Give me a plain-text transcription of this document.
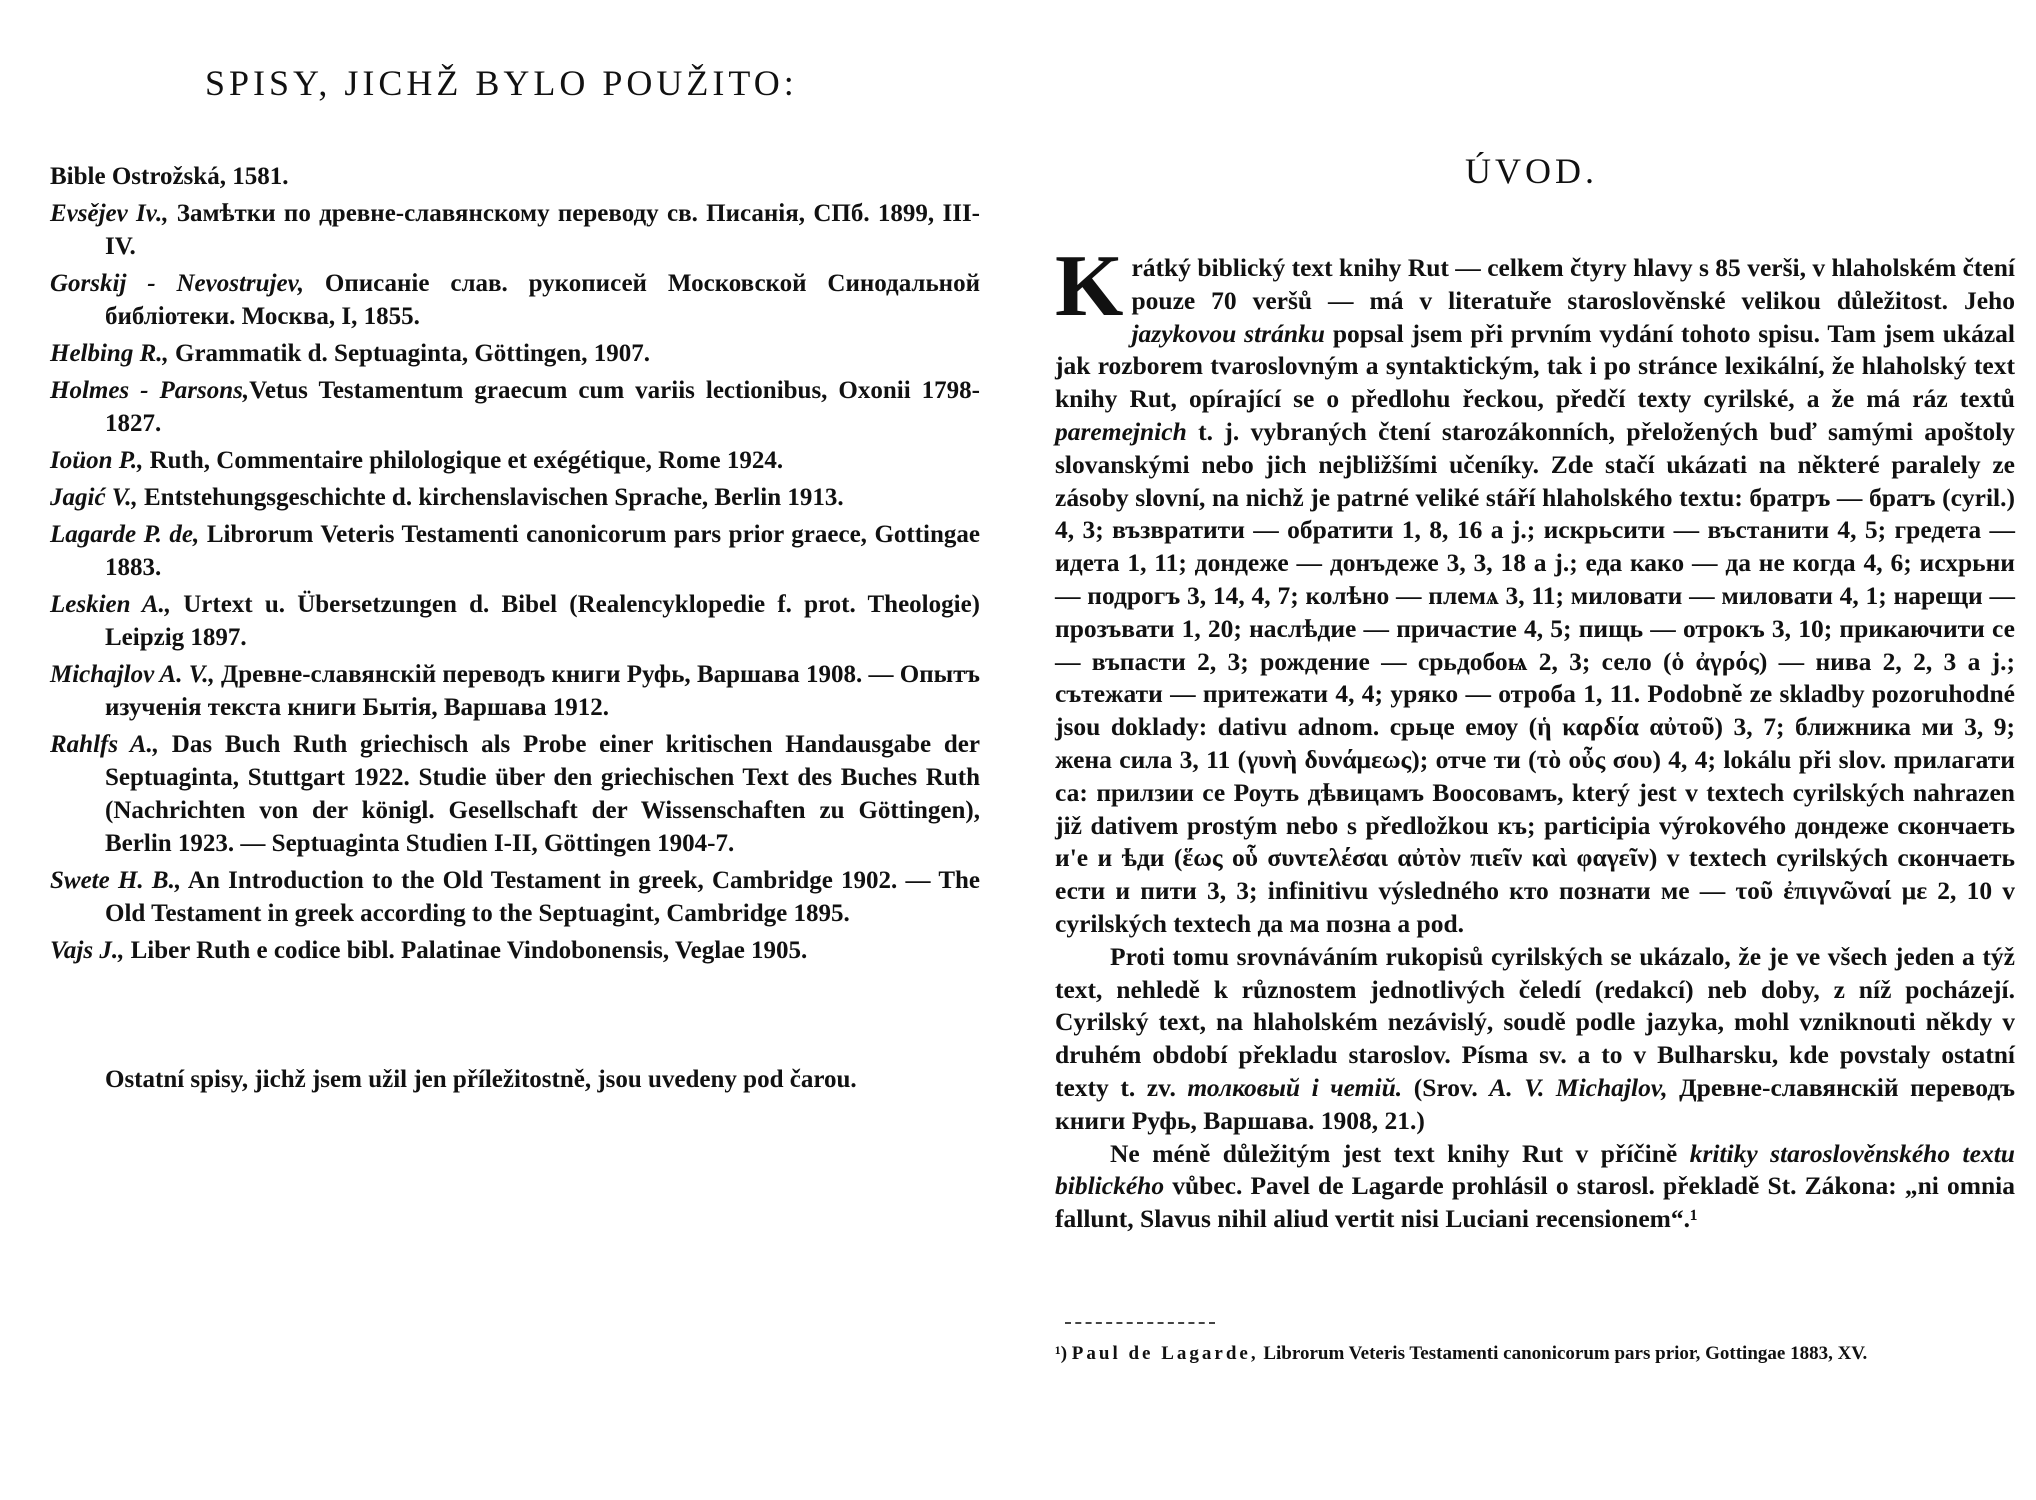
SPISY, JICHŽ BYLO POUŽITO:
Bible Ostrožská, 1581.
Evsějev Iv., Замѣтки по древне-славянскому переводу св. Писанія, СПб. 1899, III-IV.
Gorskij - Nevostrujev, Описаніе слав. рукописей Московской Синодальной библіотеки. Москва, I, 1855.
Helbing R., Grammatik d. Septuaginta, Göttingen, 1907.
Holmes - Parsons,Vetus Testamentum graecum cum variis lectionibus, Oxonii 1798-1827.
Ioüon P., Ruth, Commentaire philologique et exégétique, Rome 1924.
Jagić V., Entstehungsgeschichte d. kirchenslavischen Sprache, Berlin 1913.
Lagarde P. de, Librorum Veteris Testamenti canonicorum pars prior graece, Gottingae 1883.
Leskien A., Urtext u. Übersetzungen d. Bibel (Realencyklopedie f. prot. Theologie) Leipzig 1897.
Michajlov A. V., Древне-славянскій переводъ книги Руфь, Варшава 1908. — Опытъ изученія текста книги Бытія, Варшава 1912.
Rahlfs A., Das Buch Ruth griechisch als Probe einer kritischen Handausgabe der Septuaginta, Stuttgart 1922. Studie über den griechischen Text des Buches Ruth (Nachrichten von der königl. Gesellschaft der Wissenschaften zu Göttingen), Berlin 1923. — Septuaginta Studien I-II, Göttingen 1904-7.
Swete H. B., An Introduction to the Old Testament in greek, Cambridge 1902. — The Old Testament in greek according to the Septuagint, Cambridge 1895.
Vajs J., Liber Ruth e codice bibl. Palatinae Vindobonensis, Veglae 1905.
Ostatní spisy, jichž jsem užil jen příležitostně, jsou uvedeny pod čarou.
ÚVOD.

Krátký biblický text knihy Rut — celkem čtyry hlavy s 85 verši, v hlaholském čtení pouze 70 veršů — má v literatuře staroslověnské velikou důležitost. Jeho jazykovou stránku popsal jsem při prvním vydání tohoto spisu. Tam jsem ukázal jak rozborem tvaroslovným a syntaktickým, tak i po stránce lexikální, že hlaholský text knihy Rut, opírající se o předlohu řeckou, předčí texty cyrilské, a že má ráz textů paremejnich t. j. vybraných čtení starozákonních, přeložených buď samými apoštoly slovanskými nebo jich nejbližšími učeníky. Zde stačí ukázati na některé paralely ze zásoby slovní, na nichž je patrné veliké stáří hlaholského textu: братръ — братъ (cyril.) 4, 3; възвратити — обратити 1, 8, 16 a j.; искрьсити — въстанити 4, 5; гредета — идета 1, 11; дондеже — донъдеже 3, 3, 18 a j.; еда како — да не когда 4, 6; исхрьни — подрогъ 3, 14, 4, 7; колѣно — племѧ 3, 11; миловати — миловати 4, 1; нарещи — прозъвати 1, 20; наслѣдие — причастие 4, 5; пищь — отрокъ 3, 10; прикаючити се — въпасти 2, 3; рождение — срьдобоѩ 2, 3; село (ὁ ἀγρός) — нива 2, 2, 3 a j.; сътежати — притежати 4, 4; уряко — отроба 1, 11. Podobně ze skladby pozoruhodné jsou doklady: dativu adnom. срьце емоу (ἡ καρδία αὐτοῦ) 3, 7; ближника ми 3, 9; жена сила 3, 11 (γυνὴ δυνάμεως); отче ти (τὸ οὖς σου) 4, 4; lokálu při slov. прилагати са: прилзии се Роуть дѣвицамъ Воосовамъ, který jest v textech cyrilských nahrazen již dativem prostým nebo s předložkou къ; participia výrokového дондеже скончаеть и'е и ѣди (ἕως οὗ συντελέσαι αὐτὸν πιεῖν καὶ φαγεῖν) v textech cyrilských скончаеть ести и пити 3, 3; infinitivu výsledného кто познати ме — τοῦ ἐπιγνῶναί με 2, 10 v cyrilských textech да ма позна a pod.

Proti tomu srovnáváním rukopisů cyrilských se ukázalo, že je ve všech jeden a týž text, nehledě k různostem jednotlivých čeledí (redakcí) neb doby, z níž pocházejí. Cyrilský text, na hlaholském nezávislý, soudě podle jazyka, mohl vzniknouti někdy v druhém období překladu staroslov. Písma sv. a to v Bulharsku, kde povstaly ostatní texty t. zv. толковый i четій. (Srov. A. V. Michajlov, Древне-славянскій переводъ книги Руфь, Варшава. 1908, 21.)

Ne méně důležitým jest text knihy Rut v příčině kritiky staroslověnského textu biblického vůbec. Pavel de Lagarde prohlásil o starosl. překladě St. Zákona: „ni omnia fallunt, Slavus nihil aliud vertit nisi Luciani recensionem“.¹

¹) Paul de Lagarde, Librorum Veteris Testamenti canonicorum pars prior, Gottingae 1883, XV.
